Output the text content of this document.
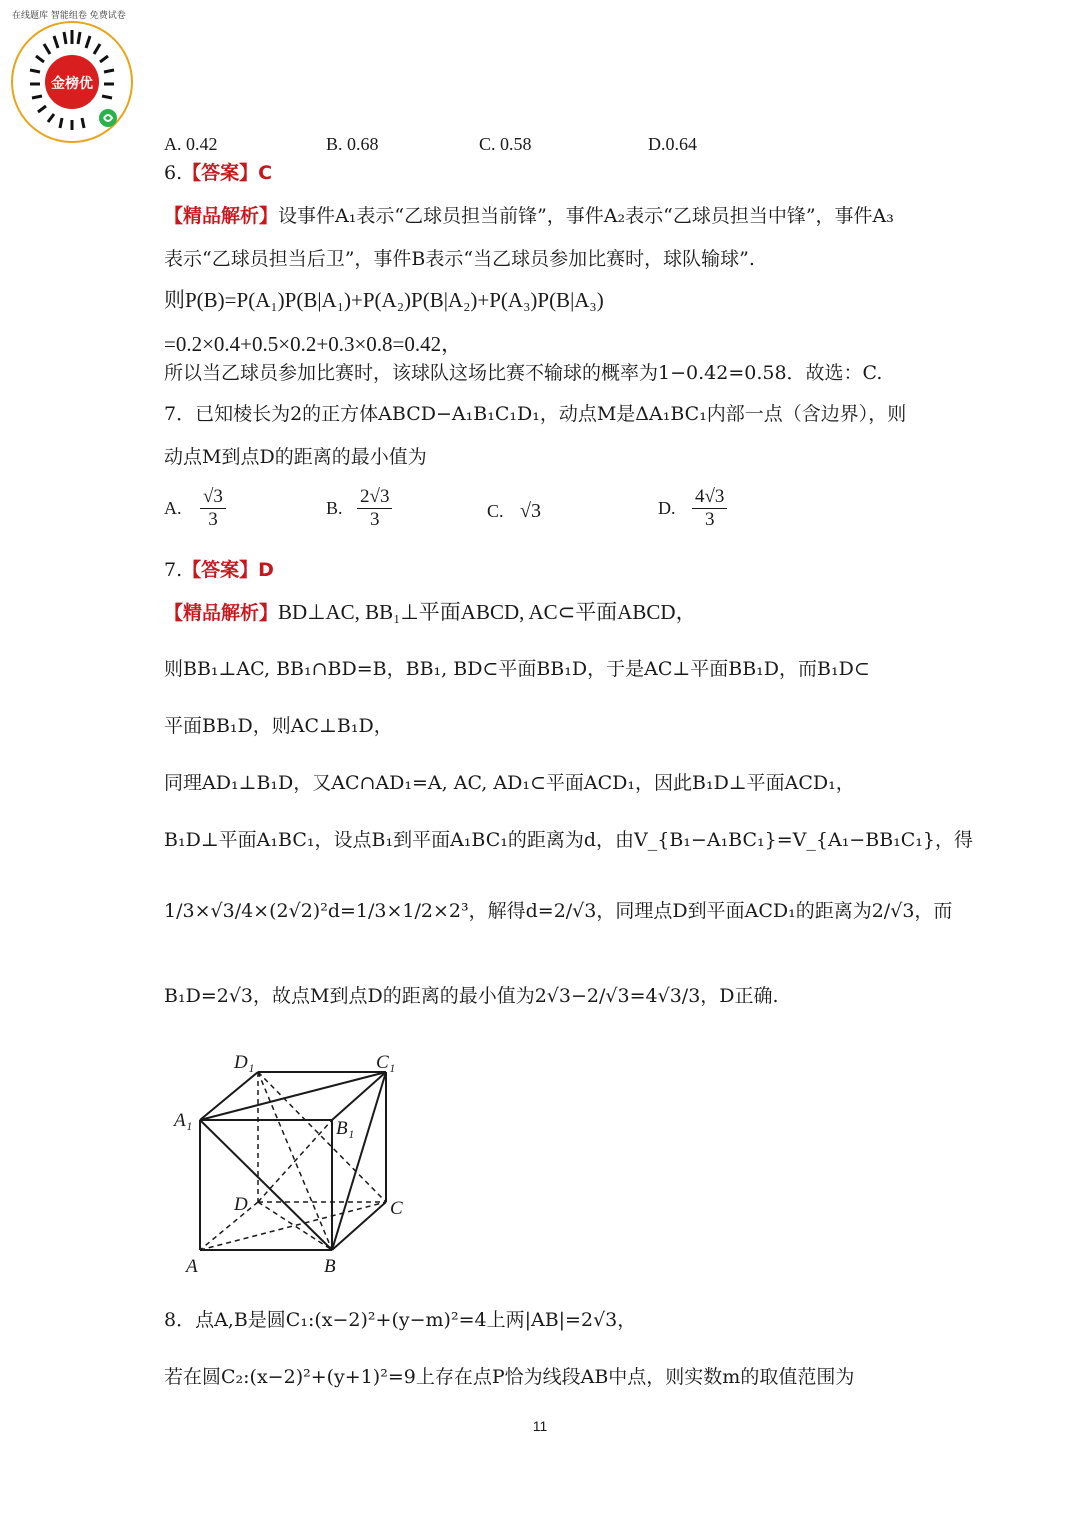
金榜优
在线题库 智能组卷 免费试卷
A. 0.42	B. 0.68	C. 0.58	D.0.64
6.【答案】C
【精品解析】设事件A₁表示“乙球员担当前锋”，事件A₂表示“乙球员担当中锋”，事件A₃
表示“乙球员担当后卫”，事件B表示“当乙球员参加比赛时，球队输球”.
则P(B)=P(A₁)P(B|A₁)+P(A₂)P(B|A₂)+P(A₃)P(B|A₃)
=0.2×0.4+0.5×0.2+0.3×0.8=0.42，
所以当乙球员参加比赛时，该球队这场比赛不输球的概率为1−0.42=0.58．故选：C.
7．已知棱长为2的正方体ABCD−A₁B₁C₁D₁，动点M是ΔA₁BC₁内部一点（含边界），则
动点M到点D的距离的最小值为
A. $\frac{√3}{3}$	B. $\frac{2√3}{3}$	C. √3	D. $\frac{4√3}{3}$
7.【答案】D
【精品解析】BD⊥AC, BB₁⊥平面ABCD, AC⊂平面ABCD，
则BB₁⊥AC, BB₁∩BD=B，BB₁, BD⊂平面BB₁D，于是AC⊥平面BB₁D，而B₁D⊂
平面BB₁D，则AC⊥B₁D，
同理AD₁⊥B₁D，又AC∩AD₁=A, AC, AD₁⊂平面ACD₁，因此B₁D⊥平面ACD₁，
B₁D⊥平面A₁BC₁，设点B₁到平面A₁BC₁的距离为d，由V_{B₁−A₁BC₁}=V_{A₁−BB₁C₁}，得
1/3×√3/4×(2√2)²d=1/3×1/2×2³，解得d=2/√3，同理点D到平面ACD₁的距离为2/√3，而
B₁D=2√3，故点M到点D的距离的最小值为2√3−2/√3=4√3/3，D正确.
D₁	C₁
A₁	B₁
D	C
A	B
8．点A,B是圆C₁:(x−2)²+(y−m)²=4上两|AB|=2√3，
若在圆C₂:(x−2)²+(y+1)²=9上存在点P恰为线段AB中点，则实数m的取值范围为
11
